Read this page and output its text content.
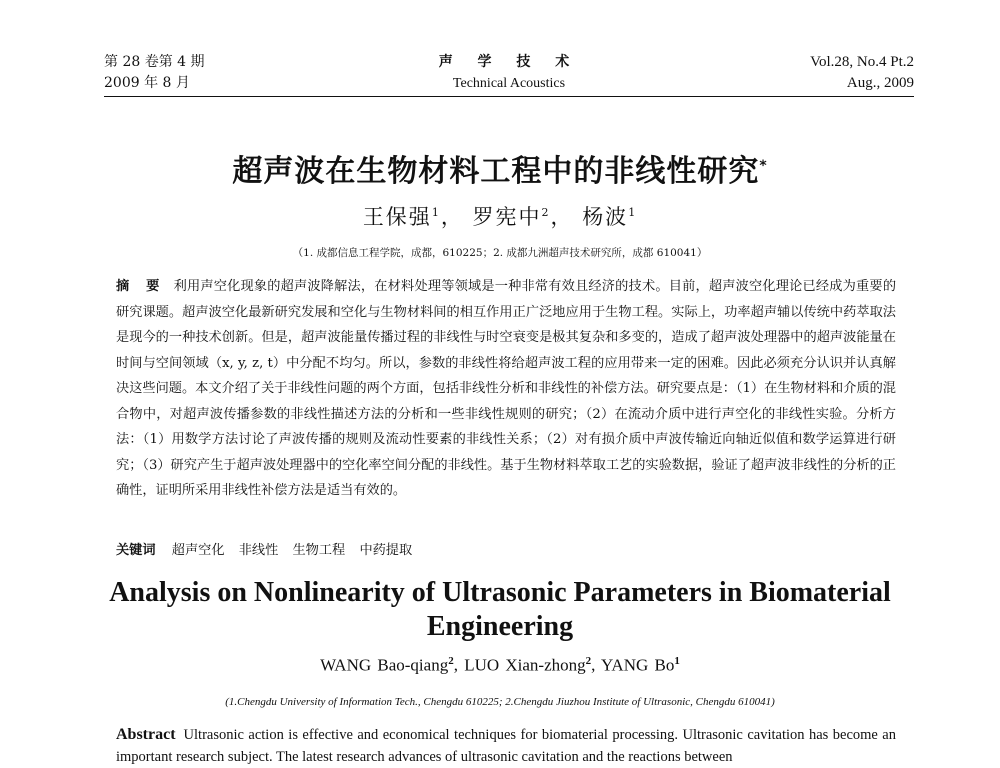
第 28 卷第 4 期
2009 年 8 月
声 学 技 术
Technical Acoustics
Vol.28, No.4 Pt.2
Aug., 2009
超声波在生物材料工程中的非线性研究*
王保强$^1$， 罗宪中$^2$， 杨波$^1$
（1. 成都信息工程学院，成都，610225；2. 成都九洲超声技术研究所，成都 610041）
摘 要 利用声空化现象的超声波降解法，在材料处理等领域是一种非常有效且经济的技术。目前，超声波空化理论已经成为重要的研究课题。超声波空化最新研究发展和空化与生物材料间的相互作用正广泛地应用于生物工程。实际上，功率超声辅以传统中药萃取法是现今的一种技术创新。但是，超声波能量传播过程的非线性与时空衰变是极其复杂和多变的，造成了超声波处理器中的超声波能量在时间与空间领域（x, y, z, t）中分配不均匀。所以，参数的非线性将给超声波工程的应用带来一定的困难。因此必须充分认识并认真解决这些问题。本文介绍了关于非线性问题的两个方面，包括非线性分析和非线性的补偿方法。研究要点是：（1）在生物材料和介质的混合物中，对超声波传播参数的非线性描述方法的分析和一些非线性规则的研究；（2）在流动介质中进行声空化的非线性实验。分析方法：（1）用数学方法讨论了声波传播的规则及流动性要素的非线性关系；（2）对有损介质中声波传输近向轴近似值和数学运算进行研究；（3）研究产生于超声波处理器中的空化率空间分配的非线性。基于生物材料萃取工艺的实验数据，验证了超声波非线性的分析的正确性，证明所采用非线性补偿方法是适当有效的。
关键词 超声空化 非线性 生物工程 中药提取
Analysis on Nonlinearity of Ultrasonic Parameters in Biomaterial Engineering
WANG Bao-qiang$^2$, LUO Xian-zhong$^2$, YANG Bo$^1$
(1.Chengdu University of Information Tech., Chengdu 610225; 2.Chengdu Jiuzhou Institute of Ultrasonic, Chengdu 610041)
Abstract Ultrasonic action is effective and economical techniques for biomaterial processing. Ultrasonic cavitation has become an important research subject. The latest research advances of ultrasonic cavitation and the reactions between
